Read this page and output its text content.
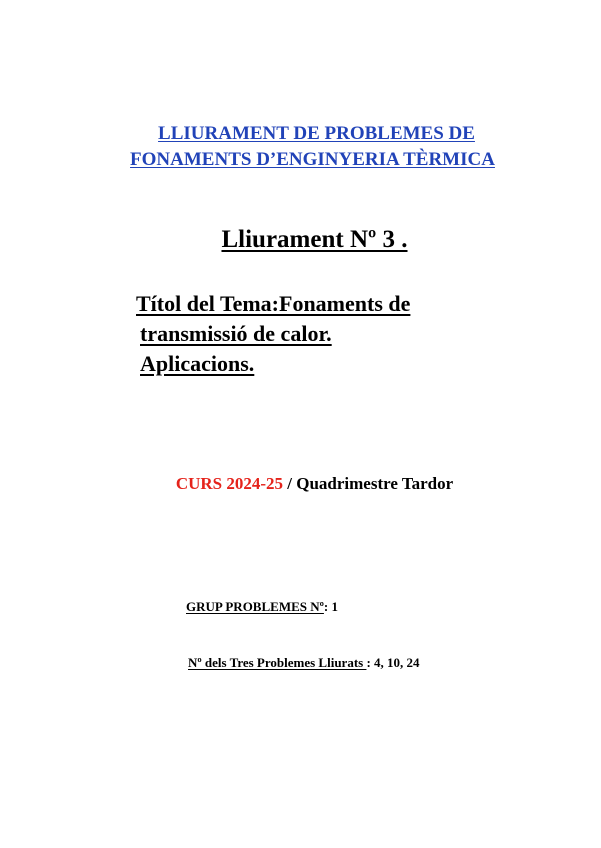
LLIURAMENT DE PROBLEMES DE

FONAMENTS D’ENGINYERIA TÈRMICA

Lliurament Nº 3 .

Títol del Tema:Fonaments de

transmissió de calor.

Aplicacions.

CURS 2024-25 / Quadrimestre Tardor

GRUP PROBLEMES Nº: 1

Nº dels Tres Problemes Lliurats : 4, 10, 24
